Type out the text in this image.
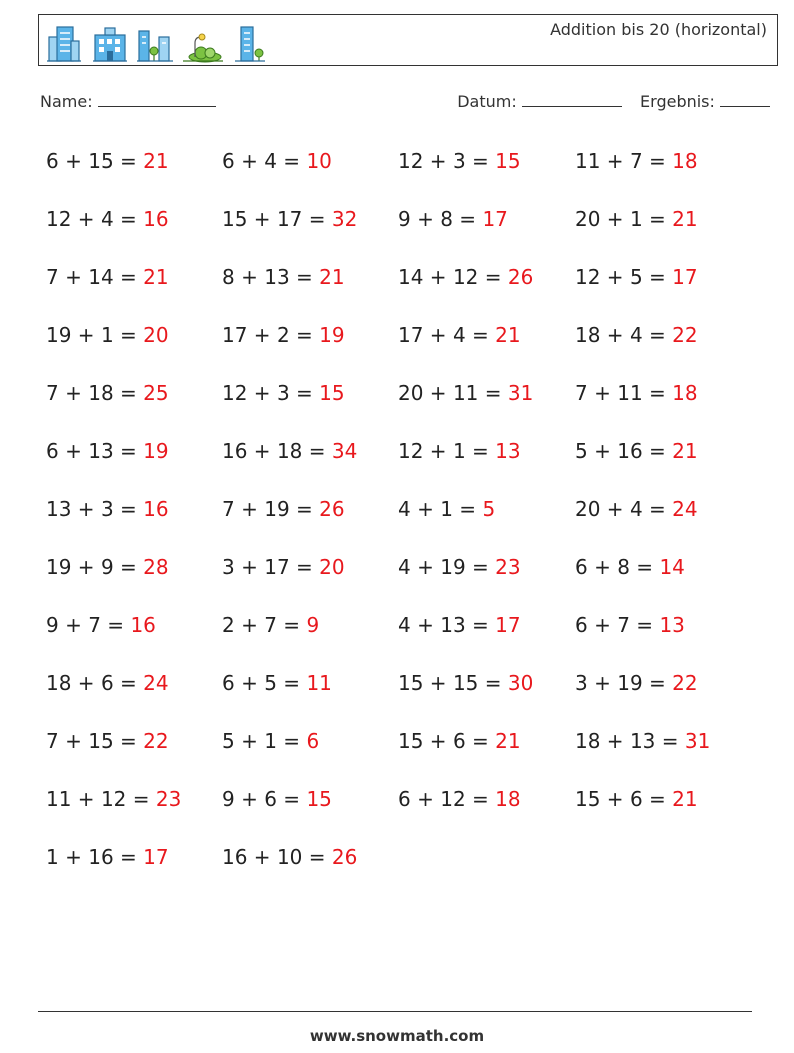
Addition bis 20 (horizontal)
Name:	Datum:	Ergebnis:
6 + 15 = 21	6 + 4 = 10	12 + 3 = 15	11 + 7 = 18
12 + 4 = 16	15 + 17 = 32	9 + 8 = 17	20 + 1 = 21
7 + 14 = 21	8 + 13 = 21	14 + 12 = 26	12 + 5 = 17
19 + 1 = 20	17 + 2 = 19	17 + 4 = 21	18 + 4 = 22
7 + 18 = 25	12 + 3 = 15	20 + 11 = 31	7 + 11 = 18
6 + 13 = 19	16 + 18 = 34	12 + 1 = 13	5 + 16 = 21
13 + 3 = 16	7 + 19 = 26	4 + 1 = 5	20 + 4 = 24
19 + 9 = 28	3 + 17 = 20	4 + 19 = 23	6 + 8 = 14
9 + 7 = 16	2 + 7 = 9	4 + 13 = 17	6 + 7 = 13
18 + 6 = 24	6 + 5 = 11	15 + 15 = 30	3 + 19 = 22
7 + 15 = 22	5 + 1 = 6	15 + 6 = 21	18 + 13 = 31
11 + 12 = 23	9 + 6 = 15	6 + 12 = 18	15 + 6 = 21
1 + 16 = 17	16 + 10 = 26
www.snowmath.com
